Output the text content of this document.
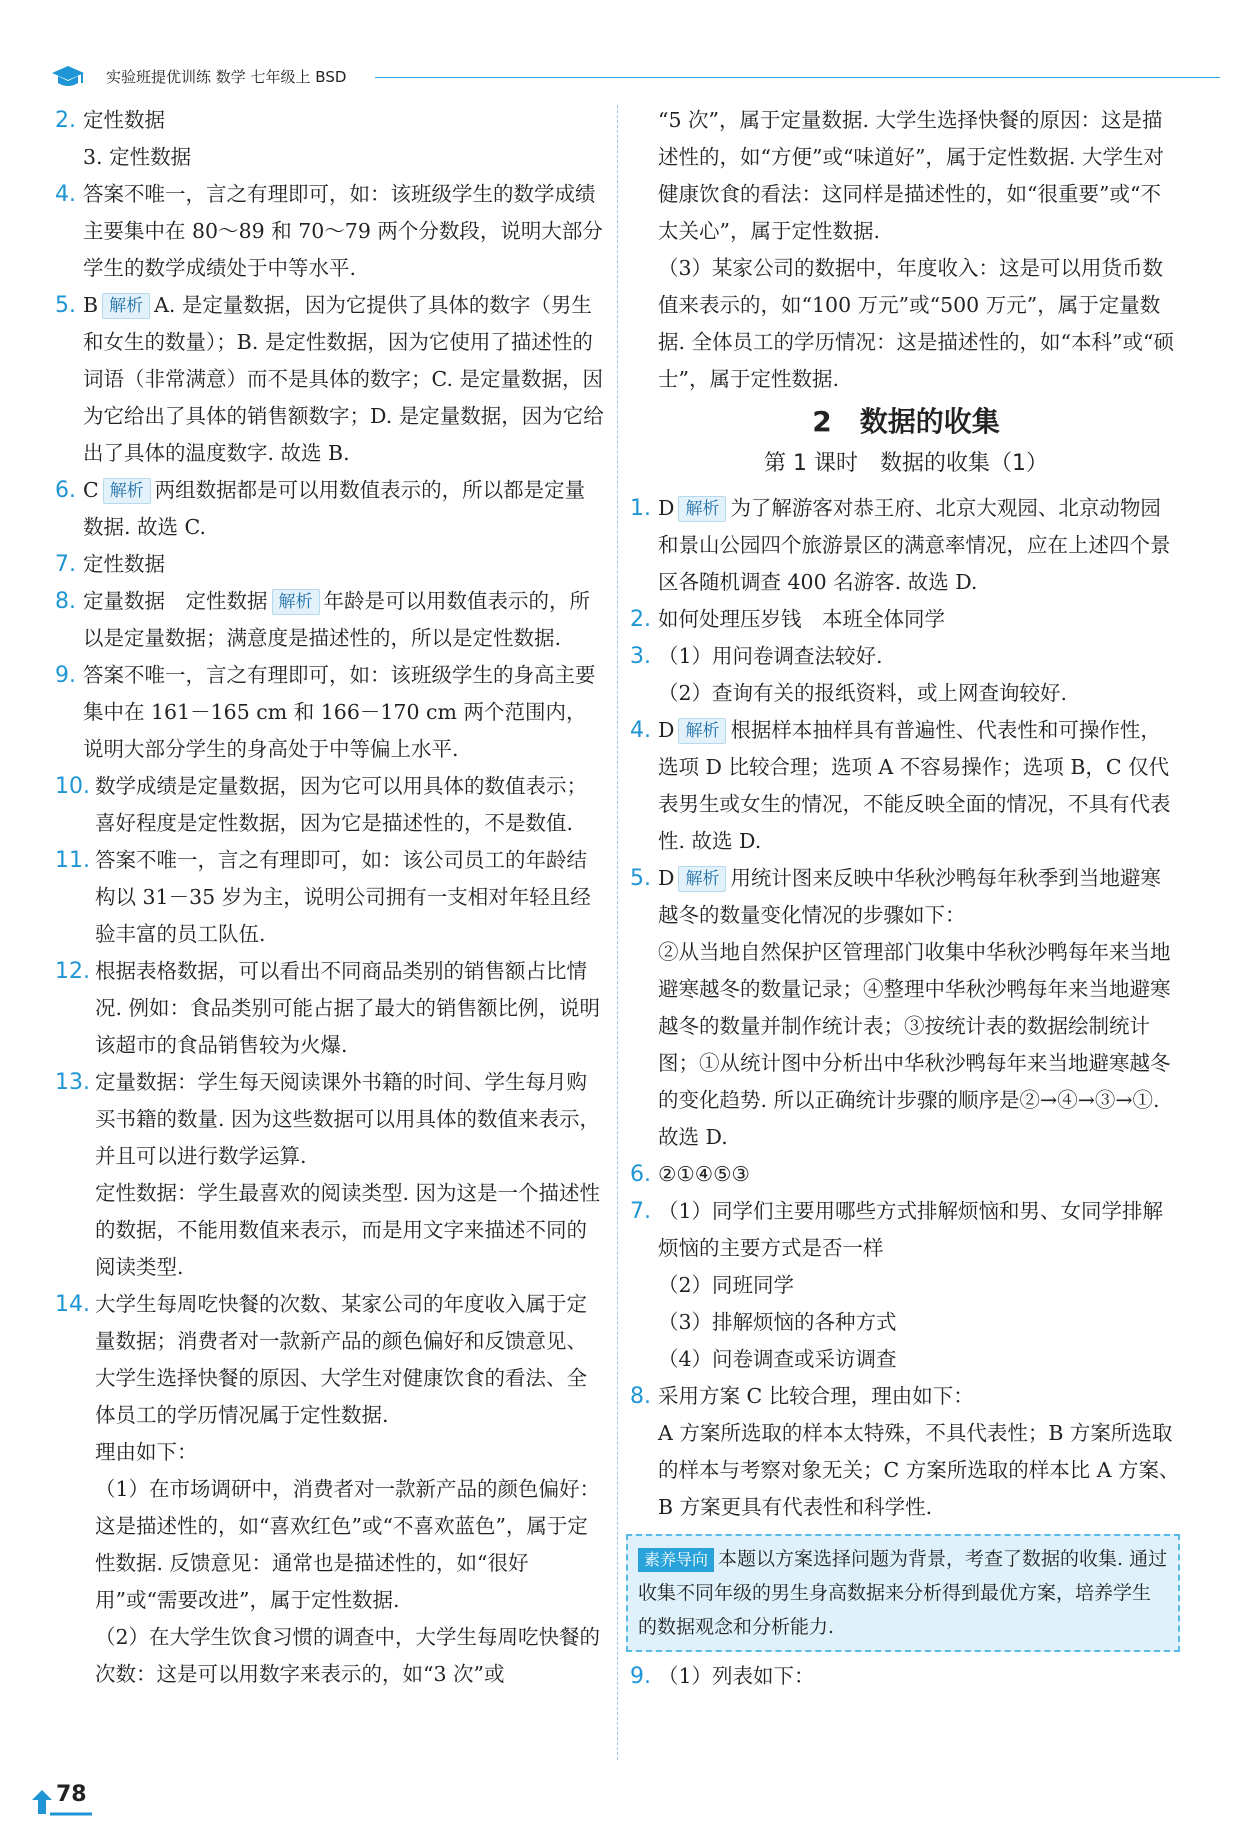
实验班提优训练 数学 七年级上 BSD
2. 定性数据

3. 定性数据

4. 答案不唯一，言之有理即可，如：该班级学生的数学成绩主要集中在 80～89 和 70～79 两个分数段，说明大部分学生的数学成绩处于中等水平.

5. B 解析 A. 是定量数据，因为它提供了具体的数字（男生和女生的数量）；B. 是定性数据，因为它使用了描述性的词语（非常满意）而不是具体的数字；C. 是定量数据，因为它给出了具体的销售额数字；D. 是定量数据，因为它给出了具体的温度数字. 故选 B.

6. C 解析 两组数据都是可以用数值表示的，所以都是定量数据. 故选 C.

7. 定性数据

8. 定量数据　定性数据 解析 年龄是可以用数值表示的，所以是定量数据；满意度是描述性的，所以是定性数据.

9. 答案不唯一，言之有理即可，如：该班级学生的身高主要集中在 161－165 cm 和 166－170 cm 两个范围内，说明大部分学生的身高处于中等偏上水平.

10. 数学成绩是定量数据，因为它可以用具体的数值表示；喜好程度是定性数据，因为它是描述性的，不是数值.

11. 答案不唯一，言之有理即可，如：该公司员工的年龄结构以 31－35 岁为主，说明公司拥有一支相对年轻且经验丰富的员工队伍.

12. 根据表格数据，可以看出不同商品类别的销售额占比情况. 例如：食品类别可能占据了最大的销售额比例，说明该超市的食品销售较为火爆.

13. 定量数据：学生每天阅读课外书籍的时间、学生每月购买书籍的数量. 因为这些数据可以用具体的数值来表示，并且可以进行数学运算.

定性数据：学生最喜欢的阅读类型. 因为这是一个描述性的数据，不能用数值来表示，而是用文字来描述不同的阅读类型.

14. 大学生每周吃快餐的次数、某家公司的年度收入属于定量数据；消费者对一款新产品的颜色偏好和反馈意见、大学生选择快餐的原因、大学生对健康饮食的看法、全体员工的学历情况属于定性数据.

理由如下：

（1）在市场调研中，消费者对一款新产品的颜色偏好：这是描述性的，如“喜欢红色”或“不喜欢蓝色”，属于定性数据. 反馈意见：通常也是描述性的，如“很好用”或“需要改进”，属于定性数据.

（2）在大学生饮食习惯的调查中，大学生每周吃快餐的次数：这是可以用数字来表示的，如“3 次”或

“5 次”，属于定量数据. 大学生选择快餐的原因：这是描述性的，如“方便”或“味道好”，属于定性数据. 大学生对健康饮食的看法：这同样是描述性的，如“很重要”或“不太关心”，属于定性数据.

（3）某家公司的数据中，年度收入：这是可以用货币数值来表示的，如“100 万元”或“500 万元”，属于定量数据. 全体员工的学历情况：这是描述性的，如“本科”或“硕士”，属于定性数据.

2　数据的收集
第 1 课时　数据的收集（1）
1. D 解析 为了解游客对恭王府、北京大观园、北京动物园和景山公园四个旅游景区的满意率情况，应在上述四个景区各随机调查 400 名游客. 故选 D.

2. 如何处理压岁钱　本班全体同学

3. （1）用问卷调查法较好.

（2）查询有关的报纸资料，或上网查询较好.

4. D 解析 根据样本抽样具有普遍性、代表性和可操作性，选项 D 比较合理；选项 A 不容易操作；选项 B，C 仅代表男生或女生的情况，不能反映全面的情况，不具有代表性. 故选 D.

5. D 解析 用统计图来反映中华秋沙鸭每年秋季到当地避寒越冬的数量变化情况的步骤如下：

②从当地自然保护区管理部门收集中华秋沙鸭每年来当地避寒越冬的数量记录；④整理中华秋沙鸭每年来当地避寒越冬的数量并制作统计表；③按统计表的数据绘制统计图；①从统计图中分析出中华秋沙鸭每年来当地避寒越冬的变化趋势. 所以正确统计步骤的顺序是②→④→③→①.

故选 D.

6. ②①④⑤③

7. （1）同学们主要用哪些方式排解烦恼和男、女同学排解烦恼的主要方式是否一样

（2）同班同学

（3）排解烦恼的各种方式

（4）问卷调查或采访调查

8. 采用方案 C 比较合理，理由如下：

A 方案所选取的样本太特殊，不具代表性；B 方案所选取的样本与考察对象无关；C 方案所选取的样本比 A 方案、B 方案更具有代表性和科学性.

素养导向 本题以方案选择问题为背景，考查了数据的收集. 通过收集不同年级的男生身高数据来分析得到最优方案，培养学生的数据观念和分析能力.
9. （1）列表如下：

78
